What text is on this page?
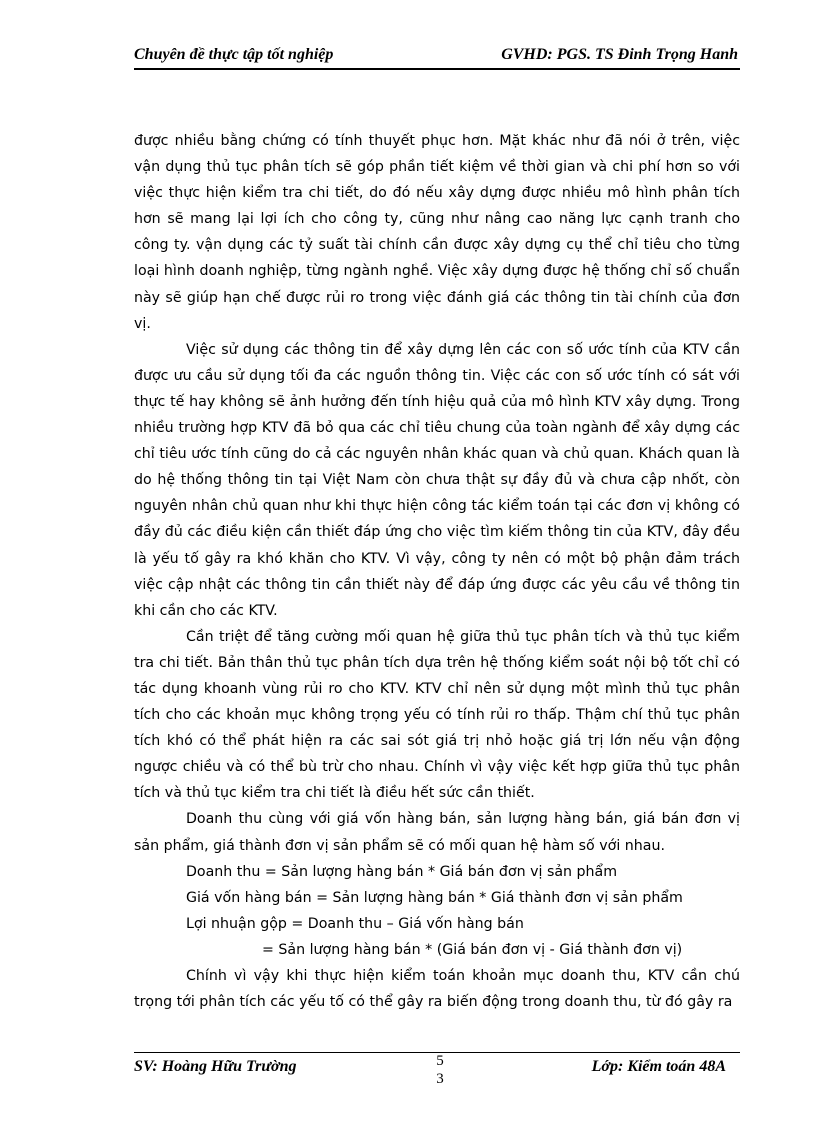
Chuyên đề thực tập tốt nghiệp	GVHD: PGS. TS Đinh Trọng Hanh

được nhiều bằng chứng có tính thuyết phục hơn. Mặt khác như đã nói ở trên, việc vận dụng thủ tục phân tích sẽ góp phần tiết kiệm về thời gian và chi phí hơn so với việc thực hiện kiểm tra chi tiết, do đó nếu xây dựng được nhiều mô hình phân tích hơn sẽ mang lại lợi ích cho công ty, cũng như nâng cao năng lực cạnh tranh cho công ty. vận dụng các tỷ suất tài chính cần được xây dựng cụ thể chỉ tiêu cho từng loại hình doanh nghiệp, từng ngành nghề. Việc xây dựng được hệ thống chỉ số chuẩn này sẽ giúp hạn chế được rủi ro trong việc đánh giá các thông tin tài chính của đơn vị.

Việc sử dụng các thông tin để xây dựng lên các con số ước tính của KTV cần được ưu cầu sử dụng tối đa các nguồn thông tin. Việc các con số ước tính có sát với thực tế hay không sẽ ảnh hưởng đến tính hiệu quả của mô hình KTV xây dựng. Trong nhiều trường hợp KTV đã bỏ qua các chỉ tiêu chung của toàn ngành để xây dựng các chỉ tiêu ước tính cũng do cả các nguyên nhân khác quan và chủ quan. Khách quan là do hệ thống thông tin tại Việt Nam còn chưa thật sự đầy đủ và chưa cập nhốt, còn nguyên nhân chủ quan như khi thực hiện công tác kiểm toán tại các đơn vị không có đầy đủ các điều kiện cần thiết đáp ứng cho việc tìm kiếm thông tin của KTV, đây đều là yếu tố gây ra khó khăn cho KTV. Vì vậy, công ty nên có một bộ phận đảm trách việc cập nhật các thông tin cần thiết này để đáp ứng được các yêu cầu về thông tin khi cần cho các KTV.

Cần triệt để tăng cường mối quan hệ giữa thủ tục phân tích và thủ tục kiểm tra chi tiết. Bản thân thủ tục phân tích dựa trên hệ thống kiểm soát nội bộ tốt chỉ có tác dụng khoanh vùng rủi ro cho KTV. KTV chỉ nên sử dụng một mình thủ tục phân tích cho các khoản mục không trọng yếu có tính rủi ro thấp. Thậm chí thủ tục phân tích khó có thể phát hiện ra các sai sót giá trị nhỏ hoặc giá trị lớn nếu vận động ngược chiều và có thể bù trừ cho nhau. Chính vì vậy việc kết hợp giữa thủ tục phân tích và thủ tục kiểm tra chi tiết là điều hết sức cần thiết.

Doanh thu cùng với giá vốn hàng bán, sản lượng hàng bán, giá bán đơn vị sản phẩm, giá thành đơn vị sản phẩm sẽ có mối quan hệ hàm số với nhau.

Doanh thu = Sản lượng hàng bán * Giá bán đơn vị sản phẩm

Giá vốn hàng bán = Sản lượng hàng bán * Giá thành đơn vị sản phẩm

Lợi nhuận gộp = Doanh thu – Giá vốn hàng bán

= Sản lượng hàng bán * (Giá bán đơn vị - Giá thành đơn vị)

Chính vì vậy khi thực hiện kiểm toán khoản mục doanh thu, KTV cần chú trọng tới phân tích các yếu tố có thể gây ra biến động trong doanh thu, từ đó gây ra

SV: Hoàng Hữu Trường	5
3
Lớp: Kiểm toán 48A
